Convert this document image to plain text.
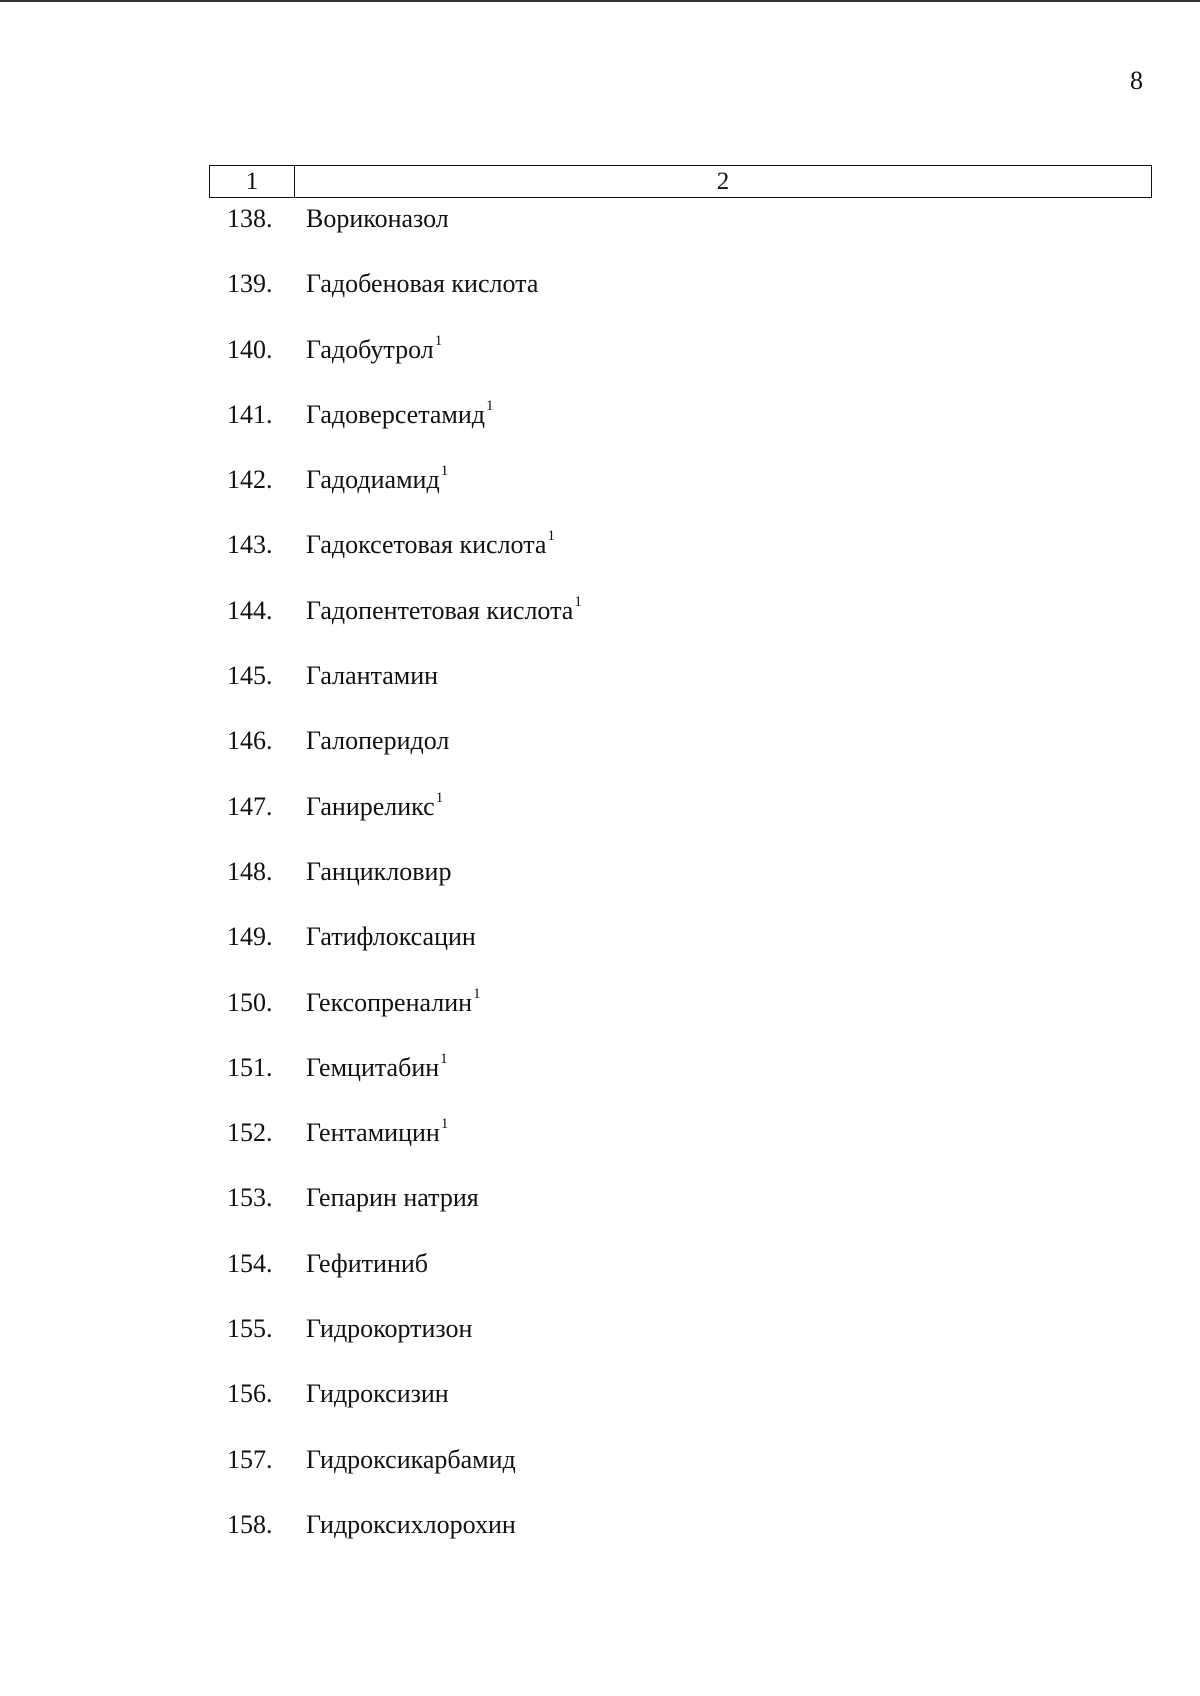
8
1	2
138.	Вориконазол
139.	Гадобеновая кислота
140.	Гадобутрол$^1$
141.	Гадоверсетамид$^1$
142.	Гадодиамид$^1$
143.	Гадоксетовая кислота$^1$
144.	Гадопентетовая кислота$^1$
145.	Галантамин
146.	Галоперидол
147.	Ганиреликс$^1$
148.	Ганцикловир
149.	Гатифлоксацин
150.	Гексопреналин$^1$
151.	Гемцитабин$^1$
152.	Гентамицин$^1$
153.	Гепарин натрия
154.	Гефитиниб
155.	Гидрокортизон
156.	Гидроксизин
157.	Гидроксикарбамид
158.	Гидроксихлорохин
